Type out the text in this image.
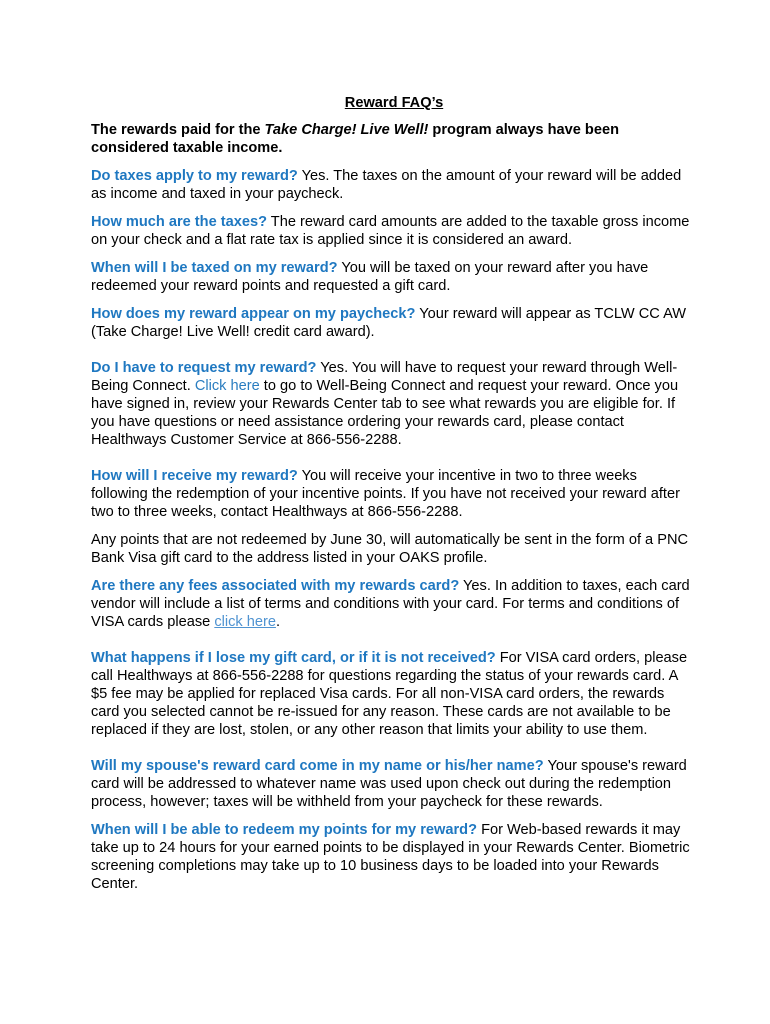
Reward FAQ’s
The rewards paid for the Take Charge! Live Well! program always have been considered taxable income.
Do taxes apply to my reward? Yes. The taxes on the amount of your reward will be added as income and taxed in your paycheck.
How much are the taxes? The reward card amounts are added to the taxable gross income on your check and a flat rate tax is applied since it is considered an award.
When will I be taxed on my reward? You will be taxed on your reward after you have redeemed your reward points and requested a gift card.
How does my reward appear on my paycheck? Your reward will appear as TCLW CC AW (Take Charge! Live Well! credit card award).
Do I have to request my reward? Yes. You will have to request your reward through Well-Being Connect. Click here to go to Well-Being Connect and request your reward. Once you have signed in, review your Rewards Center tab to see what rewards you are eligible for. If you have questions or need assistance ordering your rewards card, please contact Healthways Customer Service at 866-556-2288.
How will I receive my reward? You will receive your incentive in two to three weeks following the redemption of your incentive points. If you have not received your reward after two to three weeks, contact Healthways at 866-556-2288.
Any points that are not redeemed by June 30, will automatically be sent in the form of a PNC Bank Visa gift card to the address listed in your OAKS profile.
Are there any fees associated with my rewards card? Yes. In addition to taxes, each card vendor will include a list of terms and conditions with your card. For terms and conditions of VISA cards please click here.
What happens if I lose my gift card, or if it is not received? For VISA card orders, please call Healthways at 866-556-2288 for questions regarding the status of your rewards card. A $5 fee may be applied for replaced Visa cards. For all non-VISA card orders, the rewards card you selected cannot be re-issued for any reason. These cards are not available to be replaced if they are lost, stolen, or any other reason that limits your ability to use them.
Will my spouse's reward card come in my name or his/her name? Your spouse's reward card will be addressed to whatever name was used upon check out during the redemption process, however; taxes will be withheld from your paycheck for these rewards.
When will I be able to redeem my points for my reward? For Web-based rewards it may take up to 24 hours for your earned points to be displayed in your Rewards Center. Biometric screening completions may take up to 10 business days to be loaded into your Rewards Center.
